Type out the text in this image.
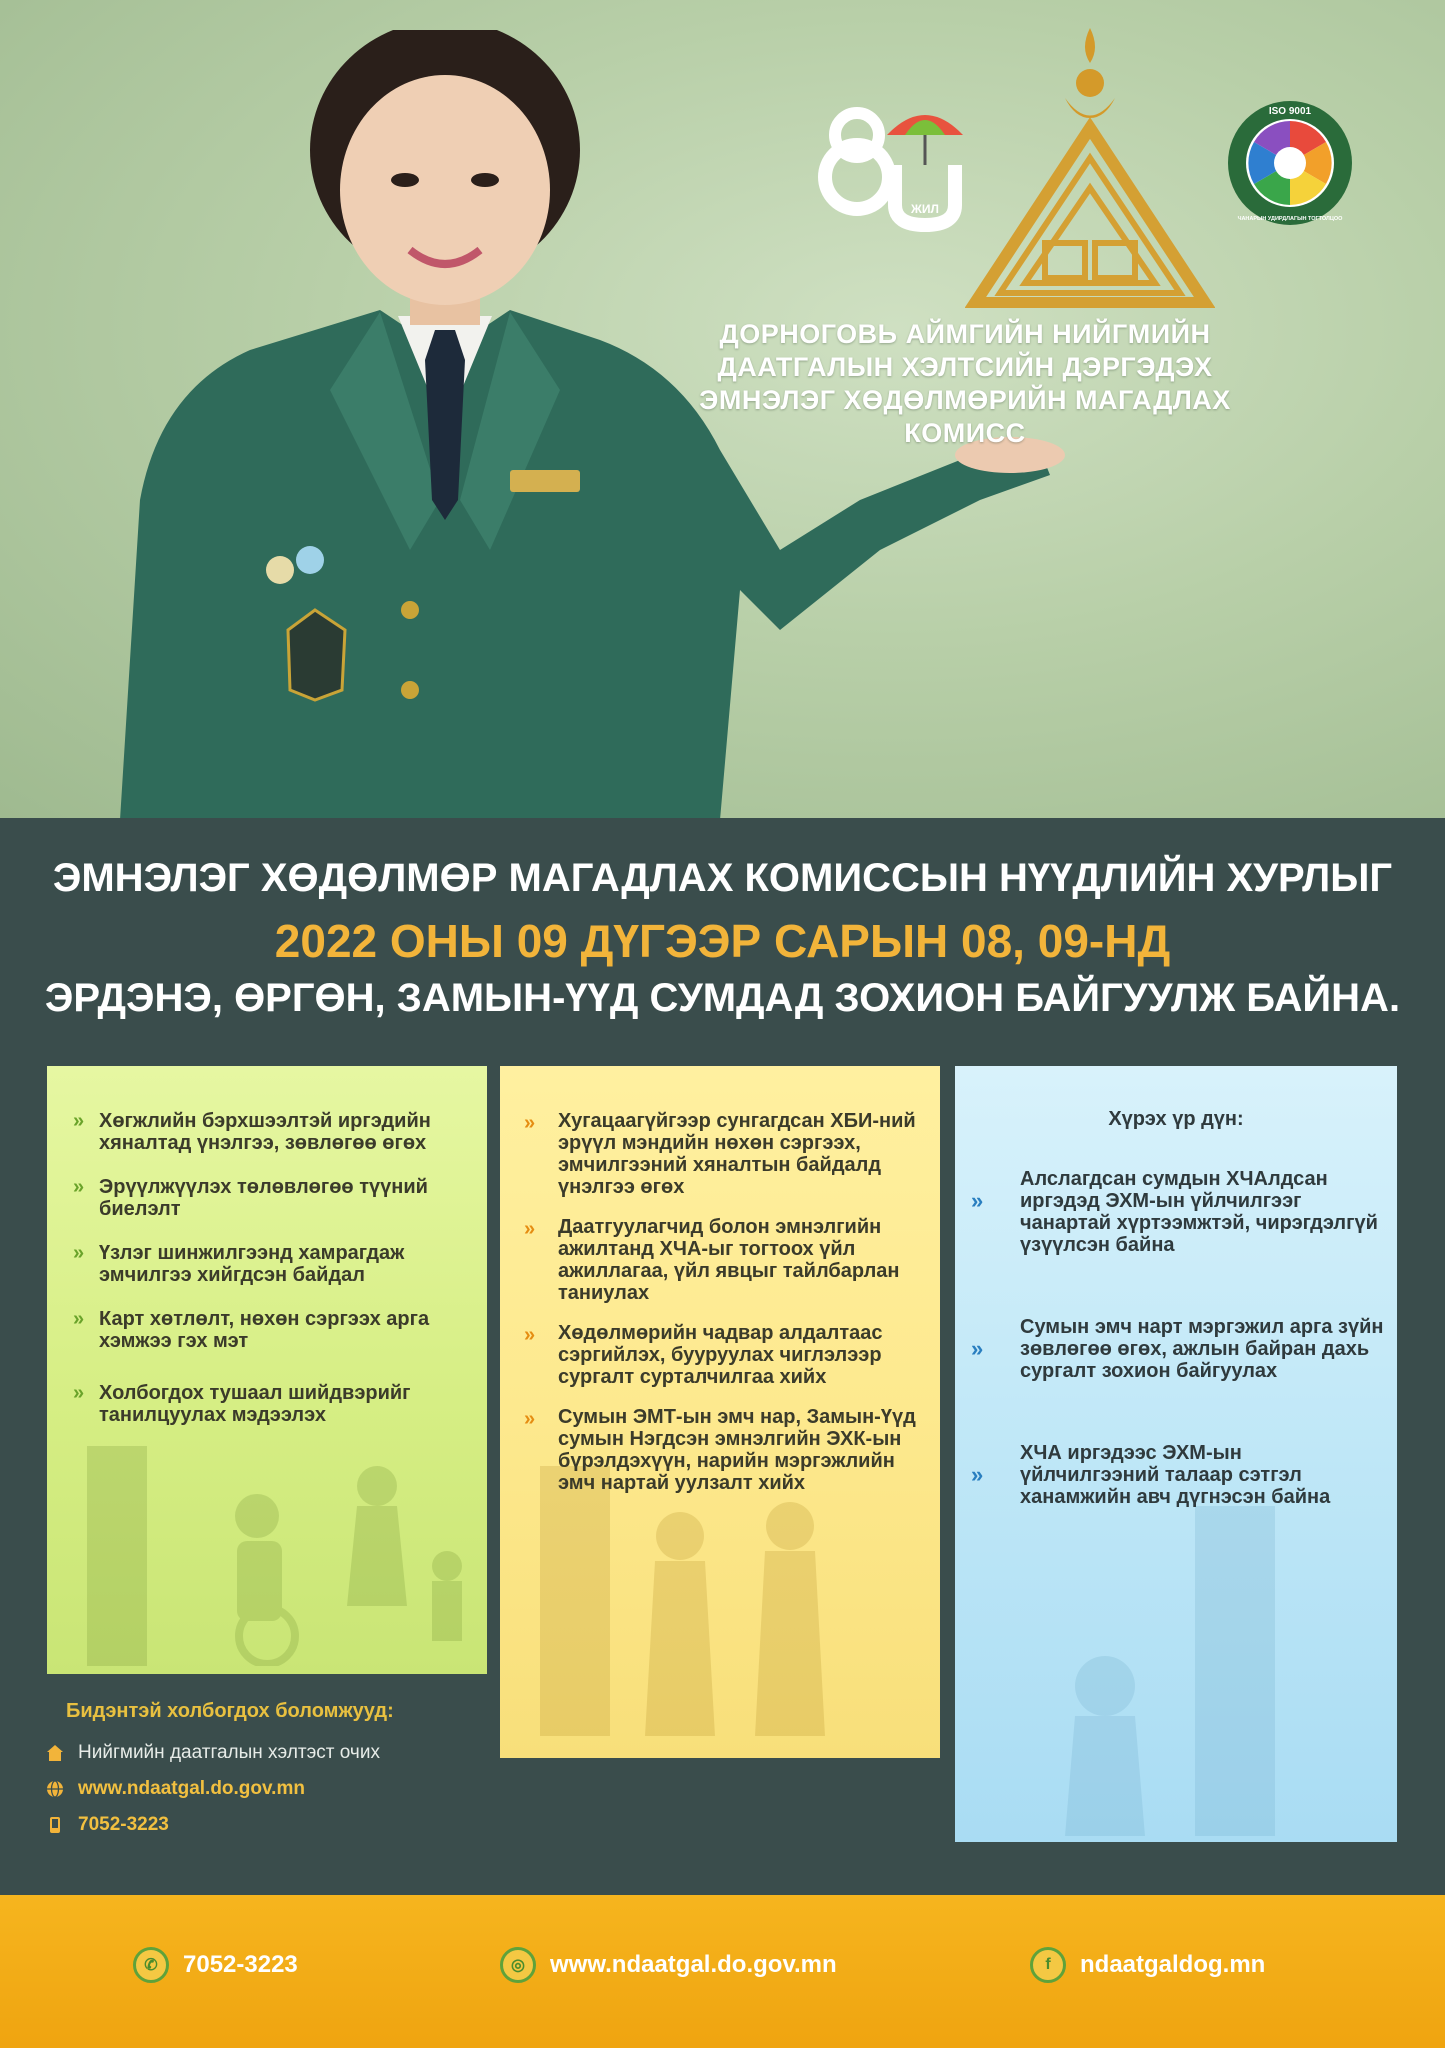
ЖИЛ
ISO 9001
ЧАНАРЫН УДИРДЛАГЫН ТОГТОЛЦОО
ДОРНОГОВЬ АЙМГИЙН НИЙГМИЙН
ДААТГАЛЫН ХЭЛТСИЙН ДЭРГЭДЭХ
ЭМНЭЛЭГ ХӨДӨЛМӨРИЙН МАГАДЛАХ
КОМИСС
ЭМНЭЛЭГ ХӨДӨЛМӨР МАГАДЛАХ КОМИССЫН НҮҮДЛИЙН ХУРЛЫГ
2022 ОНЫ 09 ДҮГЭЭР САРЫН 08, 09-НД
ЭРДЭНЭ, ӨРГӨН, ЗАМЫН-ҮҮД СУМДАД ЗОХИОН БАЙГУУЛЖ БАЙНА.
» Хөгжлийн бэрхшээлтэй иргэдийн хяналтад үнэлгээ, зөвлөгөө өгөх
» Эрүүлжүүлэх төлөвлөгөө түүний биелэлт
» Үзлэг шинжилгээнд хамрагдаж эмчилгээ хийгдсэн байдал
» Карт хөтлөлт, нөхөн сэргээх арга хэмжээ гэх мэт
» Холбогдох тушаал шийдвэрийг танилцуулах мэдээлэх
» Хугацаагүйгээр сунгагдсан ХБИ-ний эрүүл мэндийн нөхөн сэргээх, эмчилгээний хяналтын байдалд үнэлгээ өгөх
» Даатгуулагчид болон эмнэлгийн ажилтанд ХЧА-ыг тогтоох үйл ажиллагаа, үйл явцыг тайлбарлан таниулах
» Хөдөлмөрийн чадвар алдалтаас сэргийлэх, бууруулах чиглэлээр сургалт сурталчилгаа хийх
» Сумын ЭМТ-ын эмч нар, Замын-Үүд сумын Нэгдсэн эмнэлгийн ЭХК-ын бүрэлдэхүүн, нарийн мэргэжлийн эмч нартай уулзалт хийх
Хүрэх үр дүн:
»
Алслагдсан сумдын ХЧАлдсан иргэдэд ЭХМ-ын үйлчилгээг чанартай хүртээмжтэй, чирэгдэлгүй үзүүлсэн байна
»
Сумын эмч нарт мэргэжил арга зүйн зөвлөгөө өгөх, ажлын байран дахь сургалт зохион байгуулах
»
ХЧА иргэдээс ЭХМ-ын үйлчилгээний талаар сэтгэл ханамжийн авч дүгнэсэн байна
Бидэнтэй холбогдох боломжууд:
Нийгмийн даатгалын хэлтэст очих
www.ndaatgal.do.gov.mn
7052-3223
✆	7052-3223	◎	www.ndaatgal.do.gov.mn	f	ndaatgaldog.mn
